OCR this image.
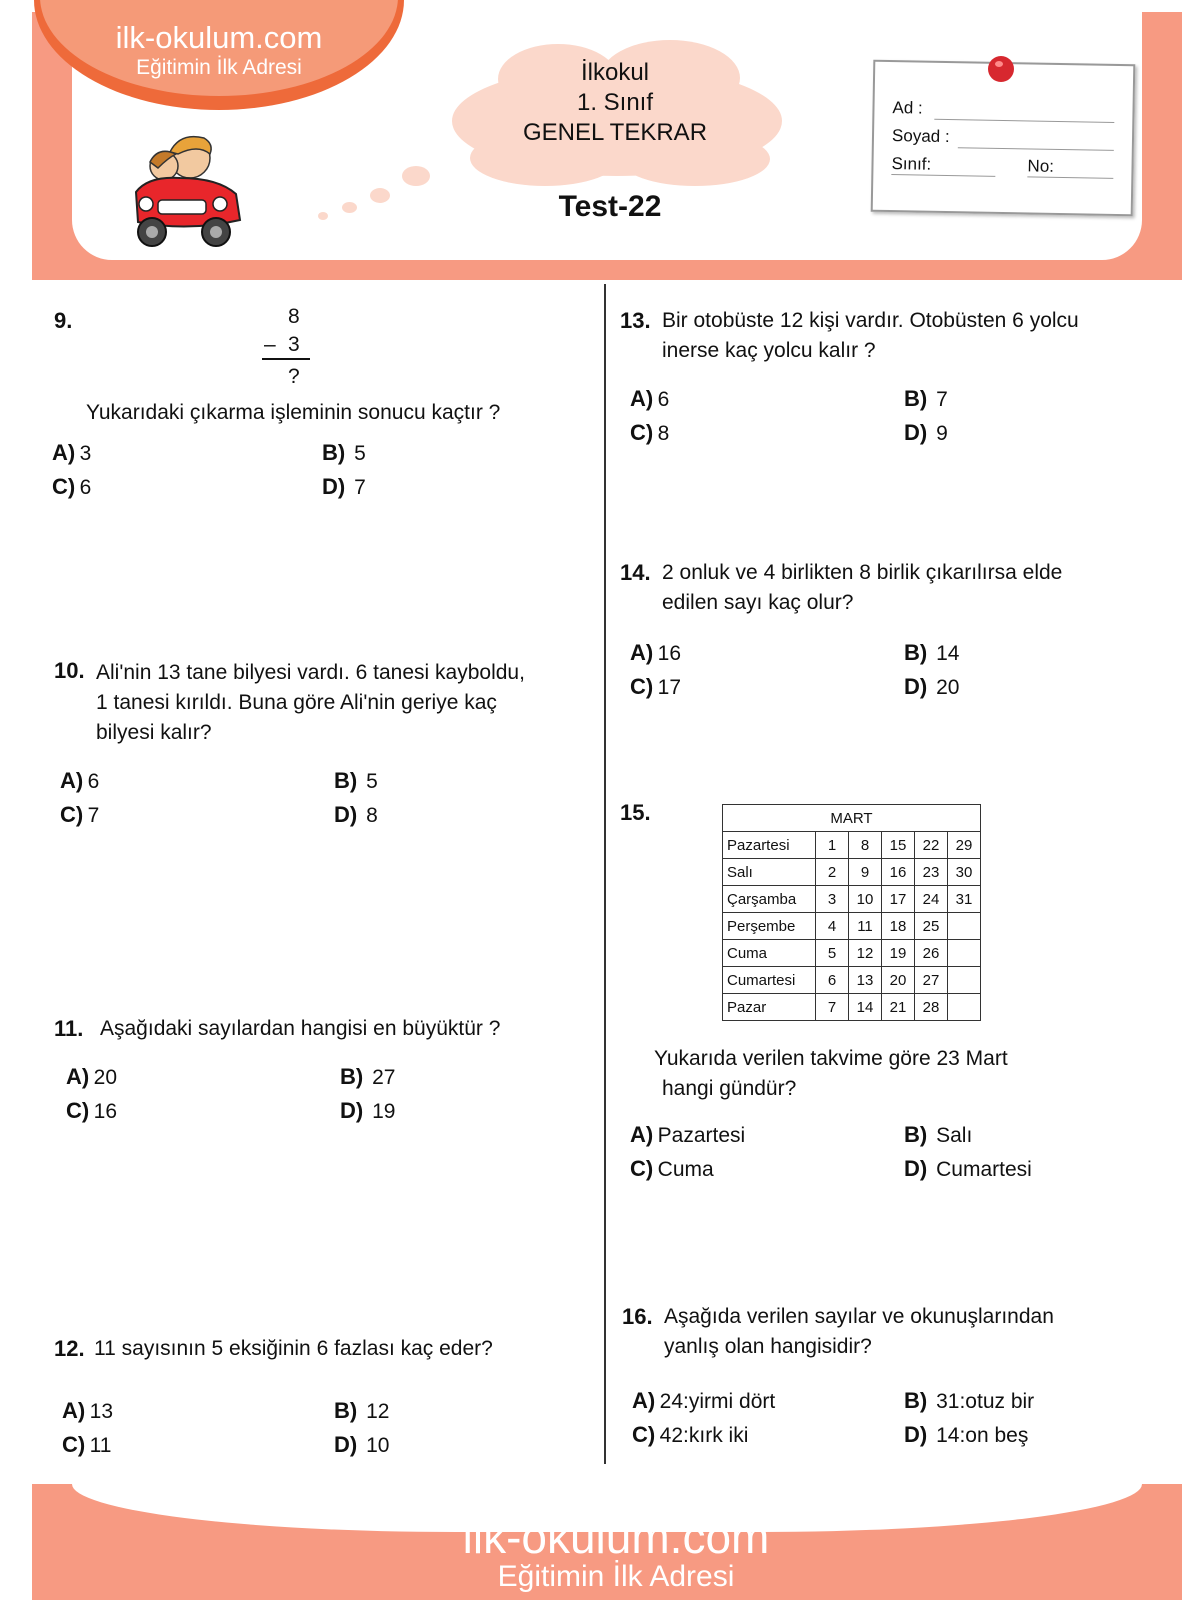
ilk-okulum.com
Eğitimin İlk Adresi	İlkokul
1. Sınıf
GENEL TEKRAR
Test-22
Ad :
Soyad :
Sınıf:	No:
9.	8
– 3
?
Yukarıdaki çıkarma işleminin sonucu kaçtır ?
A) 3	B) 5
C) 6	D) 7
10. Ali'nin 13 tane bilyesi vardı. 6 tanesi kayboldu,
1 tanesi kırıldı. Buna göre Ali'nin geriye kaç
bilyesi kalır?
A) 6	B) 5
C) 7	D) 8
11. Aşağıdaki sayılardan hangisi en büyüktür ?
A) 20	B) 27
C) 16	D) 19
12. 11 sayısının 5 eksiğinin 6 fazlası kaç eder?
A) 13	B) 12
C) 11	D) 10
13. Bir otobüste 12 kişi vardır. Otobüsten 6 yolcu
inerse kaç yolcu kalır ?
A) 6	B) 7
C) 8	D) 9
14. 2 onluk ve 4 birlikten 8 birlik çıkarılırsa elde
edilen sayı kaç olur?
A) 16	B) 14
C) 17	D) 20
15.	MART					
Pazartesi	1	8	15	22	29
Salı	2	9	16	23	30
Çarşamba	3	10	17	24	31
Perşembe	4	11	18	25	
Cuma	5	12	19	26	
Cumartesi	6	13	20	27	
Pazar	7	14	21	28	
Yukarıda verilen takvime göre 23 Mart
hangi gündür?
A) Pazartesi	B) Salı
C) Cuma	D) Cumartesi
16. Aşağıda verilen sayılar ve okunuşlarından
yanlış olan hangisidir?
A) 24:yirmi dört	B) 31:otuz bir
C) 42:kırk iki	D) 14:on beş
ilk-okulum.com
Eğitimin İlk Adresi
